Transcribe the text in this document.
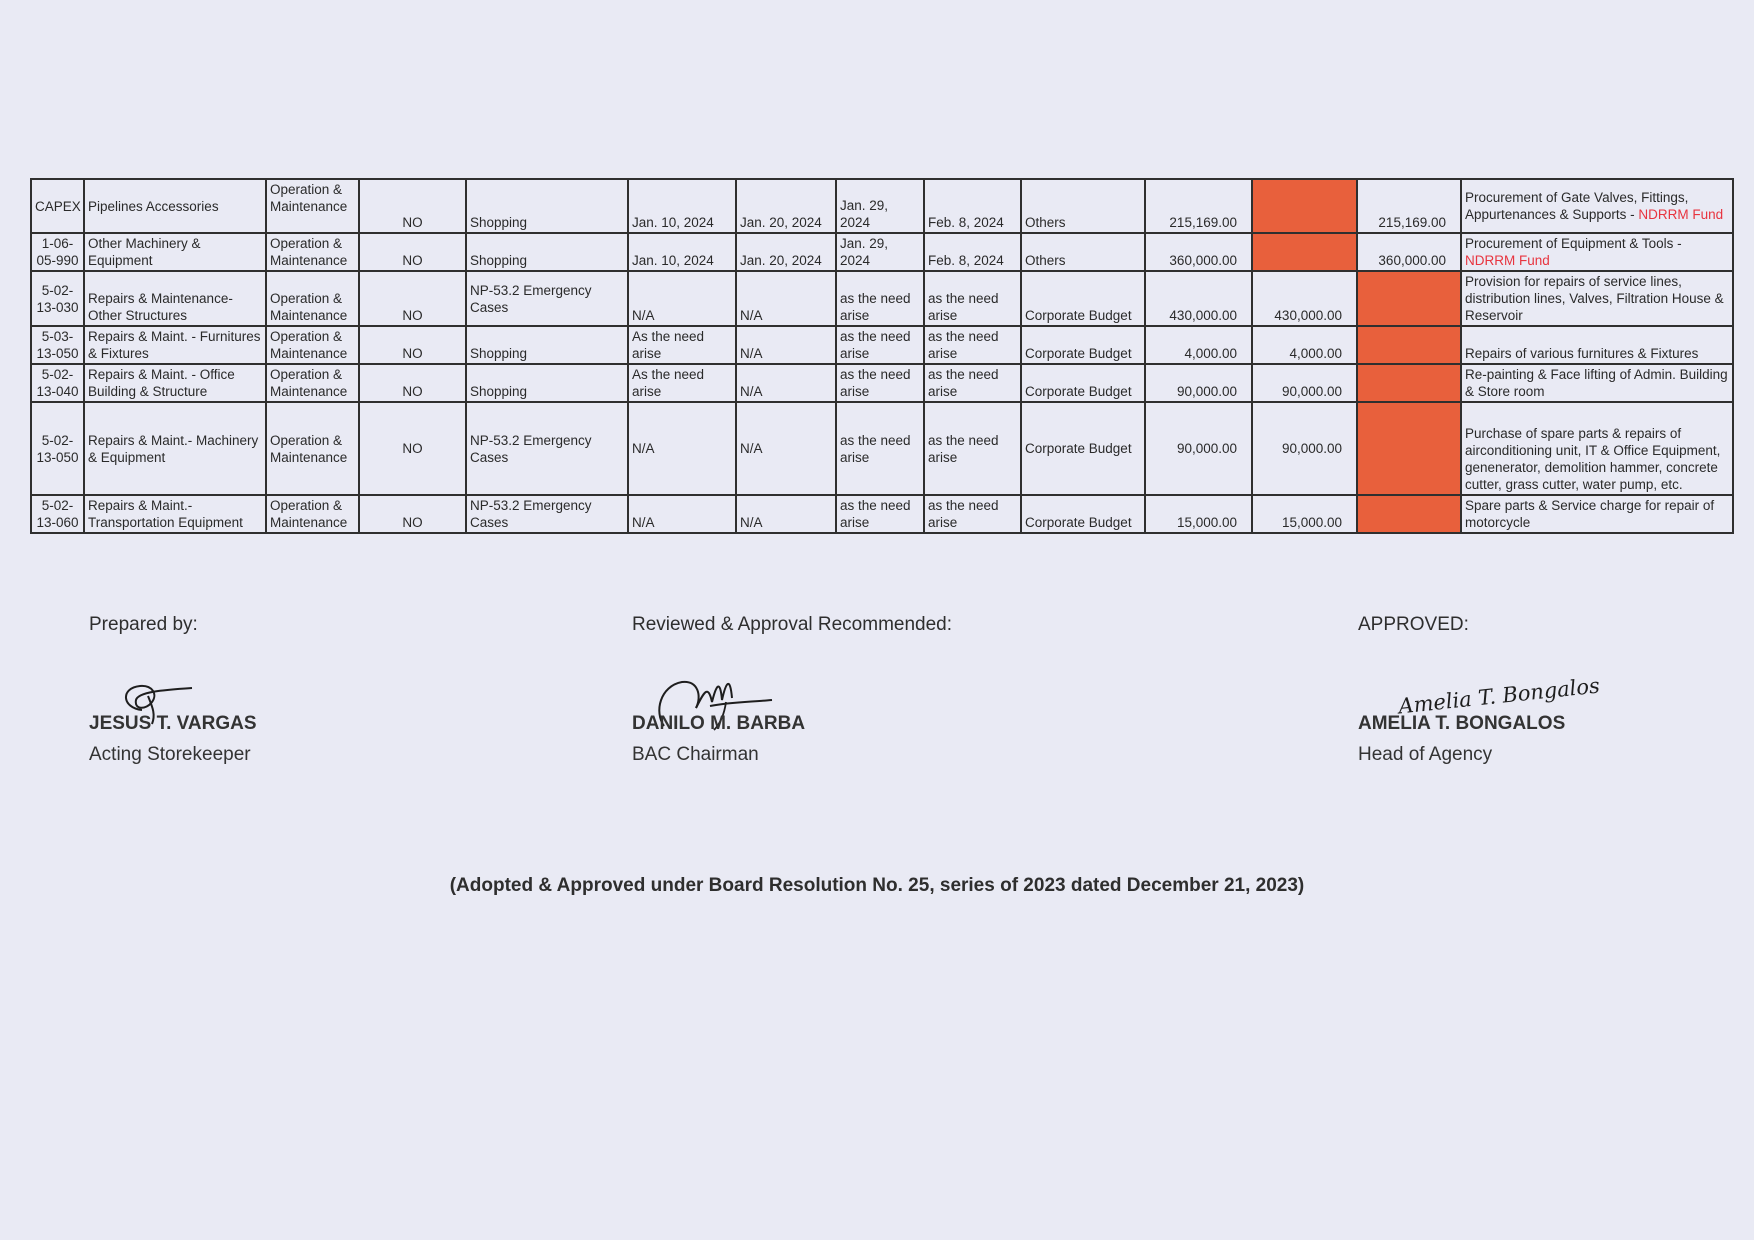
CAPEX	Pipelines Accessories	Operation & Maintenance	NO	Shopping	Jan. 10, 2024	Jan. 20, 2024	Jan. 29, 2024	Feb. 8, 2024	Others	215,169.00		215,169.00	Procurement of Gate Valves, Fittings, Appurtenances & Supports - NDRRM Fund
1-06-05-990	Other Machinery & Equipment	Operation & Maintenance	NO	Shopping	Jan. 10, 2024	Jan. 20, 2024	Jan. 29, 2024	Feb. 8, 2024	Others	360,000.00		360,000.00	Procurement of Equipment & Tools - NDRRM Fund
5-02-13-030	Repairs & Maintenance-Other Structures	Operation & Maintenance	NO	NP-53.2 Emergency Cases	N/A	N/A	as the need arise	as the need arise	Corporate Budget	430,000.00	430,000.00		Provision for repairs of service lines, distribution lines, Valves, Filtration House & Reservoir
5-03-13-050	Repairs & Maint. - Furnitures & Fixtures	Operation & Maintenance	NO	Shopping	As the need arise	N/A	as the need arise	as the need arise	Corporate Budget	4,000.00	4,000.00		Repairs of various furnitures & Fixtures
5-02-13-040	Repairs & Maint. - Office Building & Structure	Operation & Maintenance	NO	Shopping	As the need arise	N/A	as the need arise	as the need arise	Corporate Budget	90,000.00	90,000.00		Re-painting & Face lifting of Admin. Building & Store room
5-02-13-050	Repairs & Maint.- Machinery & Equipment	Operation & Maintenance	NO	NP-53.2 Emergency Cases	N/A	N/A	as the need arise	as the need arise	Corporate Budget	90,000.00	90,000.00		Purchase of spare parts & repairs of airconditioning unit, IT & Office Equipment, genenerator, demolition hammer, concrete cutter, grass cutter, water pump, etc.
5-02-13-060	Repairs & Maint.- Transportation Equipment	Operation & Maintenance	NO	NP-53.2 Emergency Cases	N/A	N/A	as the need arise	as the need arise	Corporate Budget	15,000.00	15,000.00		Spare parts & Service charge for repair of motorcycle
Prepared by:
JESUS T. VARGAS
Acting Storekeeper
Reviewed & Approval Recommended:
DANILO M. BARBA
BAC Chairman
APPROVED:
Amelia T. Bongalos
AMELIA T. BONGALOS
Head of Agency
(Adopted & Approved under Board Resolution No. 25, series of 2023 dated December 21, 2023)
